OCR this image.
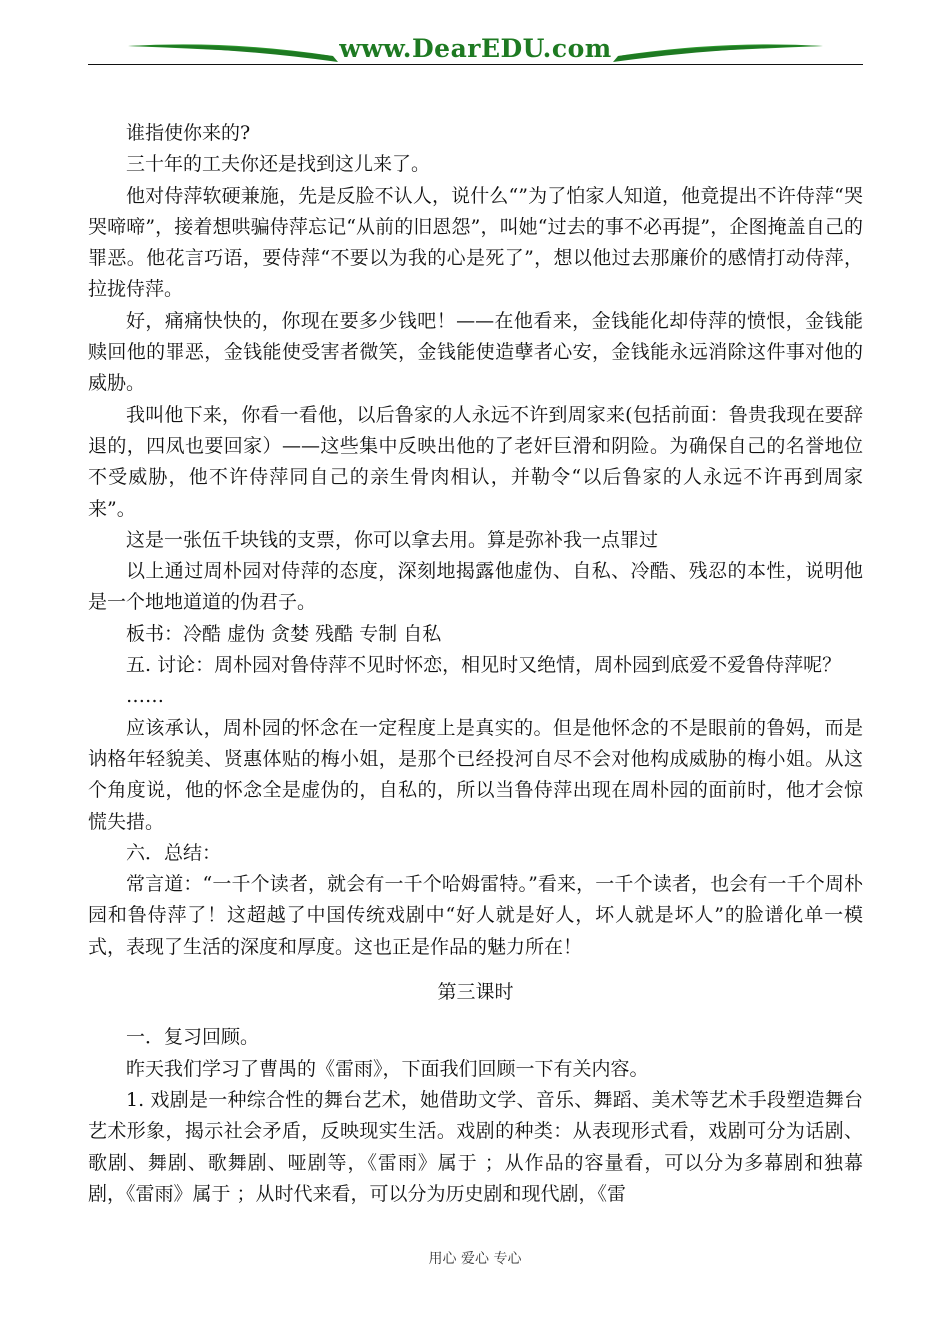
www.DearEDU.com

谁指使你来的?

三十年的工夫你还是找到这儿来了。

他对侍萍软硬兼施，先是反脸不认人，说什么“”为了怕家人知道，他竟提出不许侍萍“哭哭啼啼”，接着想哄骗侍萍忘记“从前的旧恩怨”，叫她“过去的事不必再提”，企图掩盖自己的罪恶。他花言巧语，要侍萍“不要以为我的心是死了”，想以他过去那廉价的感情打动侍萍，拉拢侍萍。

好，痛痛快快的，你现在要多少钱吧！——在他看来，金钱能化却侍萍的愤恨，金钱能赎回他的罪恶，金钱能使受害者微笑，金钱能使造孽者心安，金钱能永远消除这件事对他的威胁。

我叫他下来，你看一看他，以后鲁家的人永远不许到周家来(包括前面：鲁贵我现在要辞退的，四凤也要回家）——这些集中反映出他的了老奸巨滑和阴险。为确保自己的名誉地位不受威胁，他不许侍萍同自己的亲生骨肉相认，并勒令“以后鲁家的人永远不许再到周家来”。

这是一张伍千块钱的支票，你可以拿去用。算是弥补我一点罪过

以上通过周朴园对侍萍的态度，深刻地揭露他虚伪、自私、冷酷、残忍的本性，说明他是一个地地道道的伪君子。

板书：冷酷 虚伪 贪婪 残酷 专制 自私

五. 讨论：周朴园对鲁侍萍不见时怀恋，相见时又绝情，周朴园到底爱不爱鲁侍萍呢？

……

应该承认，周朴园的怀念在一定程度上是真实的。但是他怀念的不是眼前的鲁妈，而是讷格年轻貌美、贤惠体贴的梅小姐，是那个已经投河自尽不会对他构成威胁的梅小姐。从这个角度说，他的怀念全是虚伪的，自私的，所以当鲁侍萍出现在周朴园的面前时，他才会惊慌失措。

六．总结：

常言道：“一千个读者，就会有一千个哈姆雷特。”看来，一千个读者，也会有一千个周朴园和鲁侍萍了！这超越了中国传统戏剧中“好人就是好人，坏人就是坏人”的脸谱化单一模式，表现了生活的深度和厚度。这也正是作品的魅力所在！

第三课时

一．复习回顾。

昨天我们学习了曹禺的《雷雨》，下面我们回顾一下有关内容。

1. 戏剧是一种综合性的舞台艺术，她借助文学、音乐、舞蹈、美术等艺术手段塑造舞台艺术形象，揭示社会矛盾，反映现实生活。戏剧的种类：从表现形式看，戏剧可分为话剧、歌剧、舞剧、歌舞剧、哑剧等，《雷雨》属于 ；从作品的容量看，可以分为多幕剧和独幕剧，《雷雨》属于 ；从时代来看，可以分为历史剧和现代剧，《雷

用心 爱心 专心
